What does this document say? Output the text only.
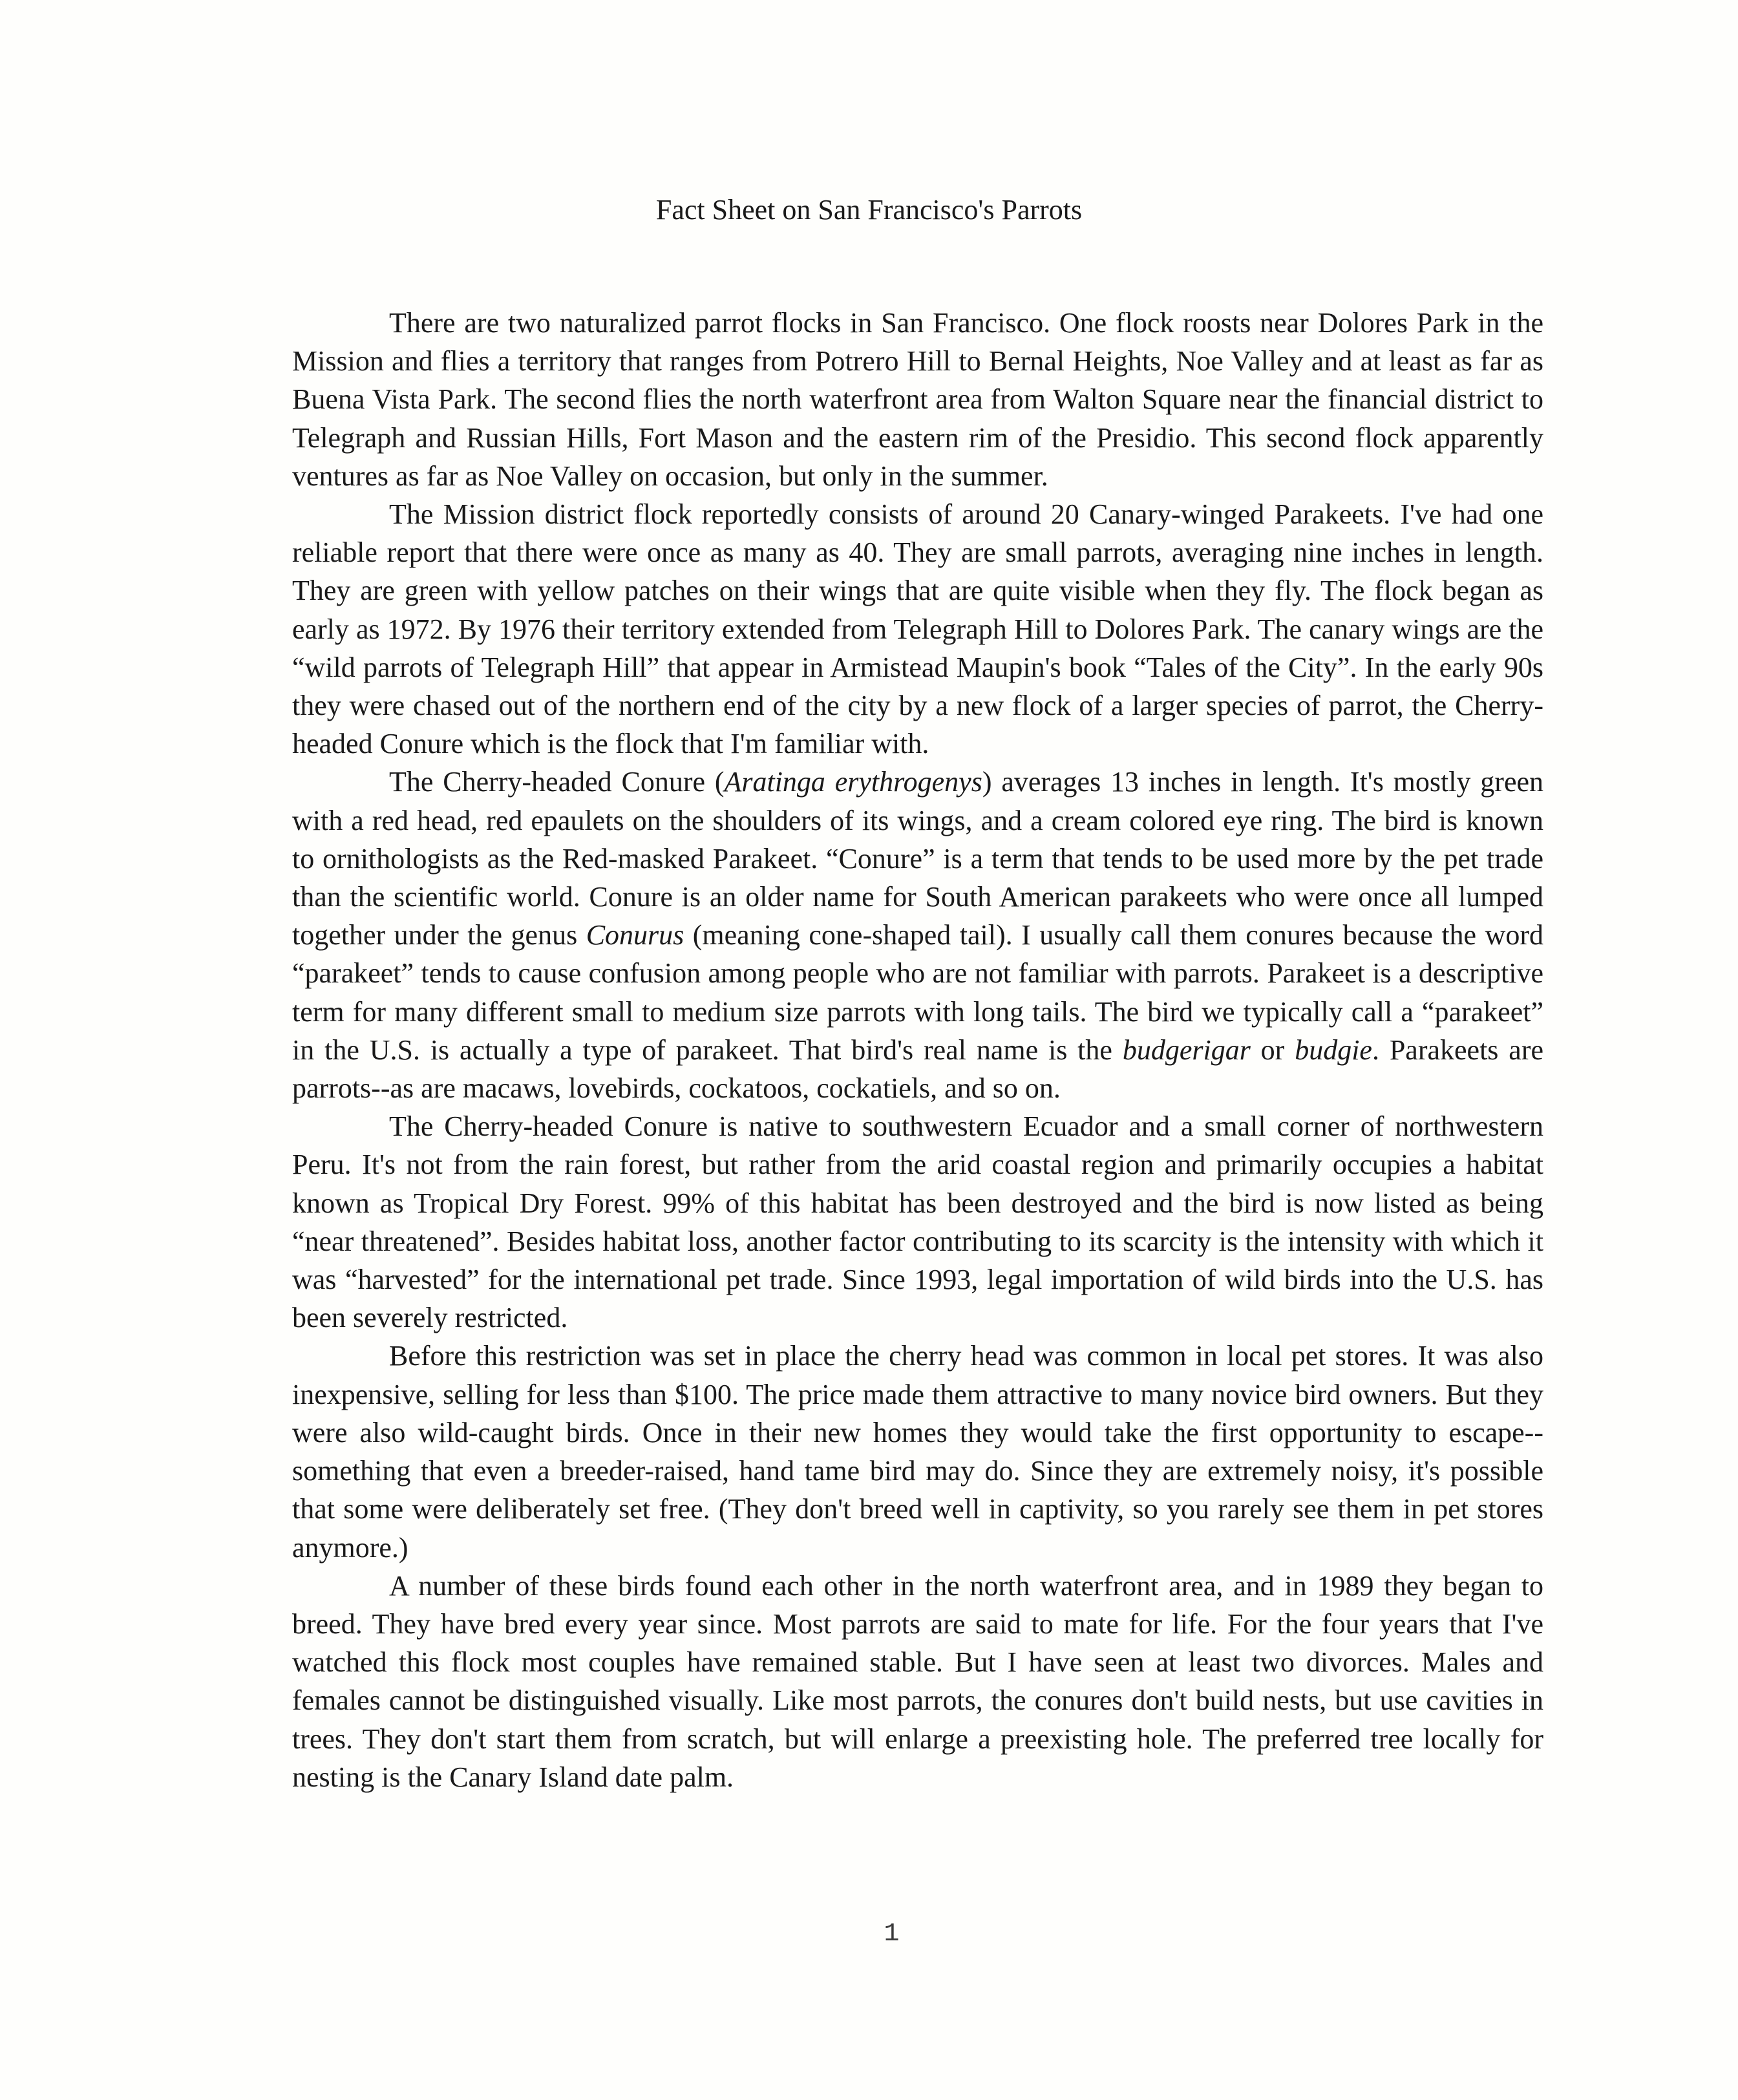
Fact Sheet on San Francisco's Parrots

There are two naturalized parrot flocks in San Francisco. One flock roosts near Dolores Park in the Mission and flies a territory that ranges from Potrero Hill to Bernal Heights, Noe Valley and at least as far as Buena Vista Park. The second flies the north waterfront area from Walton Square near the financial district to Telegraph and Russian Hills, Fort Mason and the eastern rim of the Presidio. This second flock apparently ventures as far as Noe Valley on occasion, but only in the summer.

The Mission district flock reportedly consists of around 20 Canary-winged Parakeets. I've had one reliable report that there were once as many as 40. They are small parrots, averaging nine inches in length. They are green with yellow patches on their wings that are quite visible when they fly. The flock began as early as 1972. By 1976 their territory extended from Telegraph Hill to Dolores Park. The canary wings are the “wild parrots of Telegraph Hill” that appear in Armistead Maupin's book “Tales of the City”. In the early 90s they were chased out of the northern end of the city by a new flock of a larger species of parrot, the Cherry-headed Conure which is the flock that I'm familiar with.

The Cherry-headed Conure (Aratinga erythrogenys) averages 13 inches in length. It's mostly green with a red head, red epaulets on the shoulders of its wings, and a cream colored eye ring. The bird is known to ornithologists as the Red-masked Parakeet. “Conure” is a term that tends to be used more by the pet trade than the scientific world. Conure is an older name for South American parakeets who were once all lumped together under the genus Conurus (meaning cone-shaped tail). I usually call them conures because the word “parakeet” tends to cause confusion among people who are not familiar with parrots. Parakeet is a descriptive term for many different small to medium size parrots with long tails. The bird we typically call a “parakeet” in the U.S. is actually a type of parakeet. That bird's real name is the budgerigar or budgie. Parakeets are parrots--as are macaws, lovebirds, cockatoos, cockatiels, and so on.

The Cherry-headed Conure is native to southwestern Ecuador and a small corner of northwestern Peru. It's not from the rain forest, but rather from the arid coastal region and primarily occupies a habitat known as Tropical Dry Forest. 99% of this habitat has been destroyed and the bird is now listed as being “near threatened”. Besides habitat loss, another factor contributing to its scarcity is the intensity with which it was “harvested” for the international pet trade. Since 1993, legal importation of wild birds into the U.S. has been severely restricted.

Before this restriction was set in place the cherry head was common in local pet stores. It was also inexpensive, selling for less than $100. The price made them attractive to many novice bird owners. But they were also wild-caught birds. Once in their new homes they would take the first opportunity to escape--something that even a breeder-raised, hand tame bird may do. Since they are extremely noisy, it's possible that some were deliberately set free. (They don't breed well in captivity, so you rarely see them in pet stores anymore.)

A number of these birds found each other in the north waterfront area, and in 1989 they began to breed. They have bred every year since. Most parrots are said to mate for life. For the four years that I've watched this flock most couples have remained stable. But I have seen at least two divorces. Males and females cannot be distinguished visually. Like most parrots, the conures don't build nests, but use cavities in trees. They don't start them from scratch, but will enlarge a preexisting hole. The preferred tree locally for nesting is the Canary Island date palm.

1
